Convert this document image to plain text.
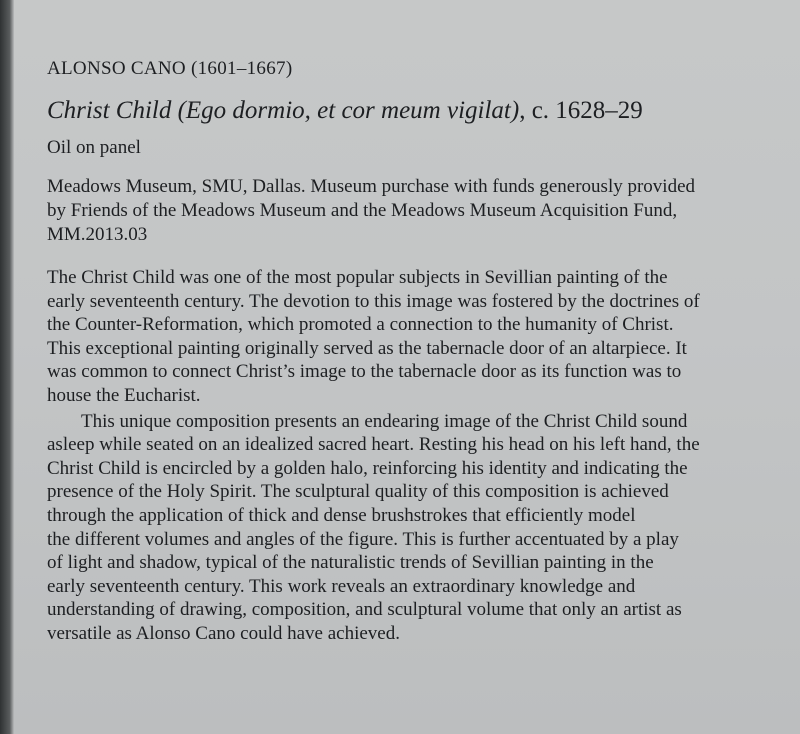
ALONSO CANO (1601–1667)
Christ Child (Ego dormio, et cor meum vigilat), c. 1628–29
Oil on panel
Meadows Museum, SMU, Dallas. Museum purchase with funds generously provided
by Friends of the Meadows Museum and the Meadows Museum Acquisition Fund,
MM.2013.03
The Christ Child was one of the most popular subjects in Sevillian painting of the
early seventeenth century. The devotion to this image was fostered by the doctrines of
the Counter-Reformation, which promoted a connection to the humanity of Christ.
This exceptional painting originally served as the tabernacle door of an altarpiece. It
was common to connect Christ’s image to the tabernacle door as its function was to
house the Eucharist.
This unique composition presents an endearing image of the Christ Child sound
asleep while seated on an idealized sacred heart. Resting his head on his left hand, the
Christ Child is encircled by a golden halo, reinforcing his identity and indicating the
presence of the Holy Spirit. The sculptural quality of this composition is achieved
through the application of thick and dense brushstrokes that efficiently model
the different volumes and angles of the figure. This is further accentuated by a play
of light and shadow, typical of the naturalistic trends of Sevillian painting in the
early seventeenth century. This work reveals an extraordinary knowledge and
understanding of drawing, composition, and sculptural volume that only an artist as
versatile as Alonso Cano could have achieved.
